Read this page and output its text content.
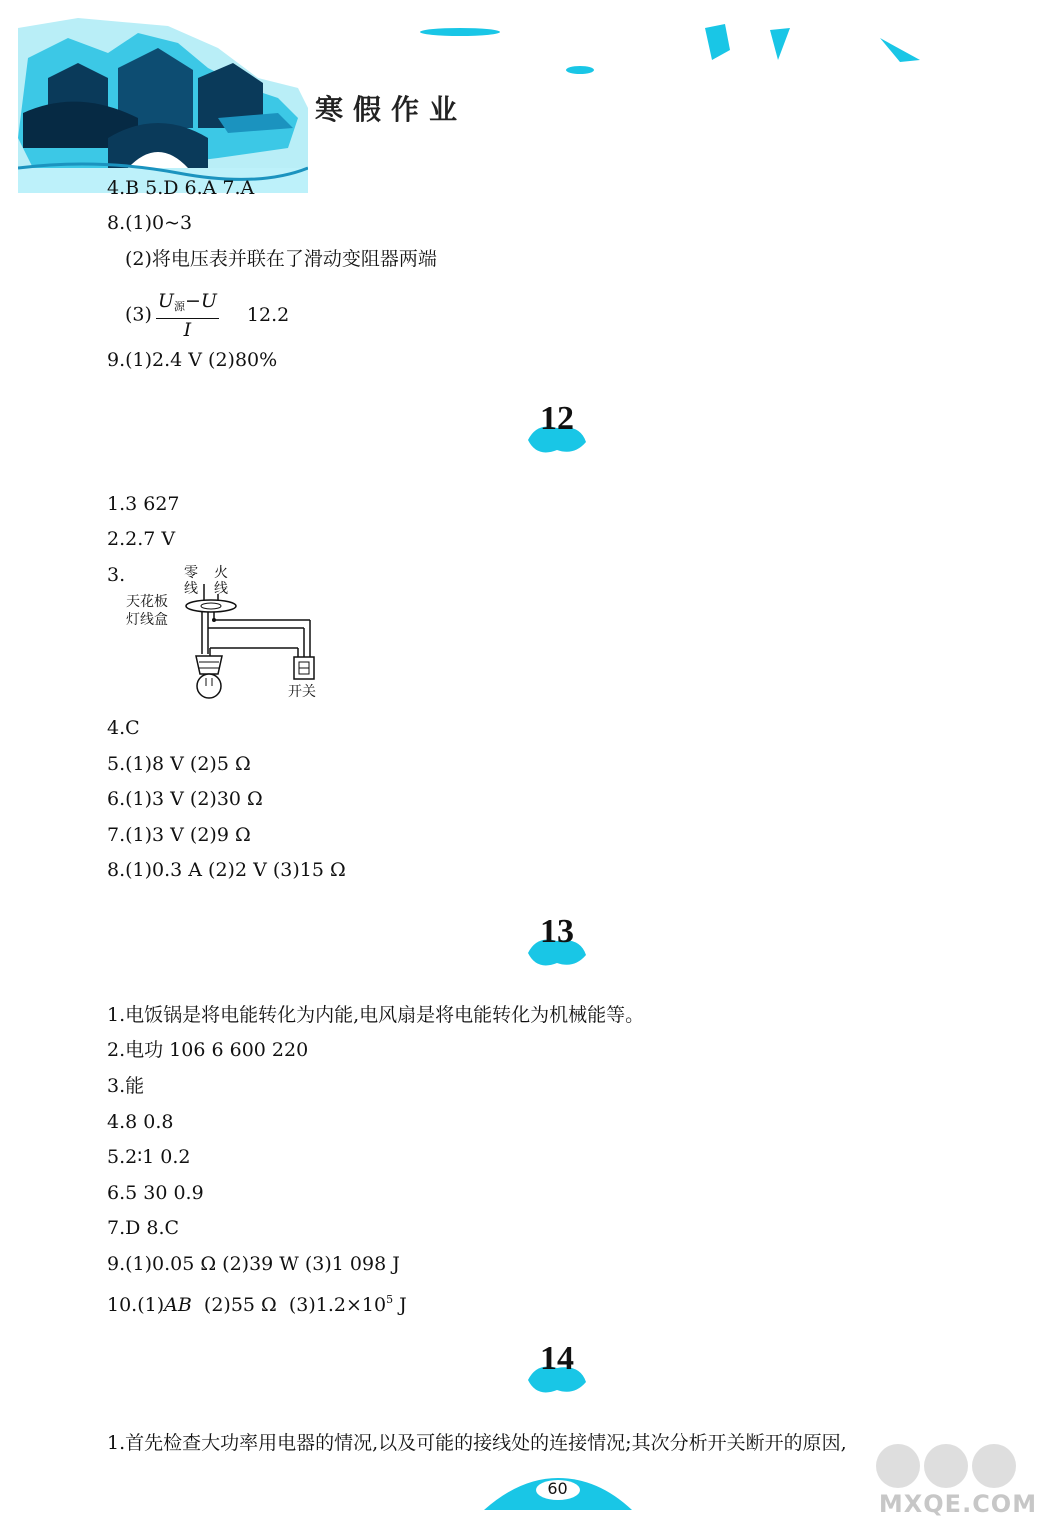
寒假作业
4.B 5.D 6.A 7.A
8.(1)0~3
(2)将电压表并联在了滑动变阻器两端
$(3) \frac{U_源-U}{I} 12.2$
9.(1)2.4 V (2)80%
12
1.3 627
2.2.7 V
3.	零
线
火
线
天花板
灯线盒
开关
4.C
5.(1)8 V (2)5 Ω
6.(1)3 V (2)30 Ω
7.(1)3 V (2)9 Ω
8.(1)0.3 A (2)2 V (3)15 Ω
13
1.电饭锅是将电能转化为内能,电风扇是将电能转化为机械能等。
2.电功 106 6 600 220
3.能
4.8 0.8
5.2∶1 0.2
6.5 30 0.9
7.D 8.C
9.(1)0.05 Ω (2)39 W (3)1 098 J
10.(1)AB  (2)55 Ω  $(3)1.2\times 10^5$ J
14
1.首先检查大功率用电器的情况,以及可能的接线处的连接情况;其次分析开关断开的原因,
60
MXQE.COM
